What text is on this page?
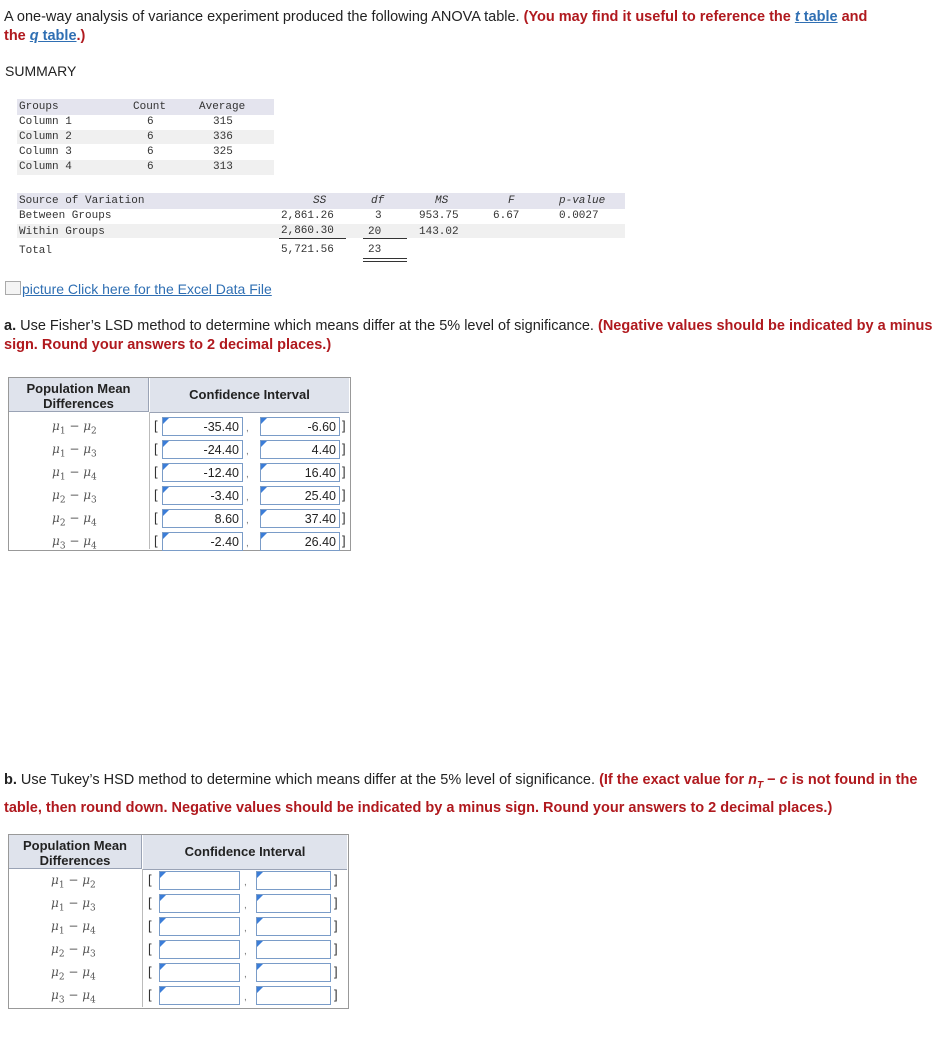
A one-way analysis of variance experiment produced the following ANOVA table. (You may find it useful to reference the t table and
the q table.)
SUMMARY
Groups	Count	Average
Column 1	6	315
Column 2	6	336
Column 3	6	325
Column 4	6	313
Source of Variation	SS	df	MS	F	p-value
Between Groups	2,861.26	3	953.75	6.67	0.0027
Within Groups	2,860.30	20	143.02
Total	5,721.56	23
picture Click here for the Excel Data File
a. Use Fisher’s LSD method to determine which means differ at the 5% level of significance. (Negative values should be indicated by a minus sign. Round your answers to 2 decimal places.)
Population Mean Differences
Confidence Interval
$\mu_1 - \mu_2$	[	-35.40 ,	-6.60 ]
$\mu_1 - \mu_3$	[	-24.40 ,	4.40 ]
$\mu_1 - \mu_4$	[	-12.40 ,	16.40 ]
$\mu_2 - \mu_3$	[	-3.40 ,	25.40 ]
$\mu_2 - \mu_4$	[	8.60 ,	37.40 ]
$\mu_3 - \mu_4$	[	-2.40 ,	26.40 ]
b. Use Tukey’s HSD method to determine which means differ at the 5% level of significance. (If the exact value for $n_T - c$ is not found in the table, then round down. Negative values should be indicated by a minus sign. Round your answers to 2 decimal places.)
Population Mean Differences
Confidence Interval
$\mu_1 - \mu_2$	[	,	]
$\mu_1 - \mu_3$	[	,	]
$\mu_1 - \mu_4$	[	,	]
$\mu_2 - \mu_3$	[	,	]
$\mu_2 - \mu_4$	[	,	]
$\mu_3 - \mu_4$	[	,	]
